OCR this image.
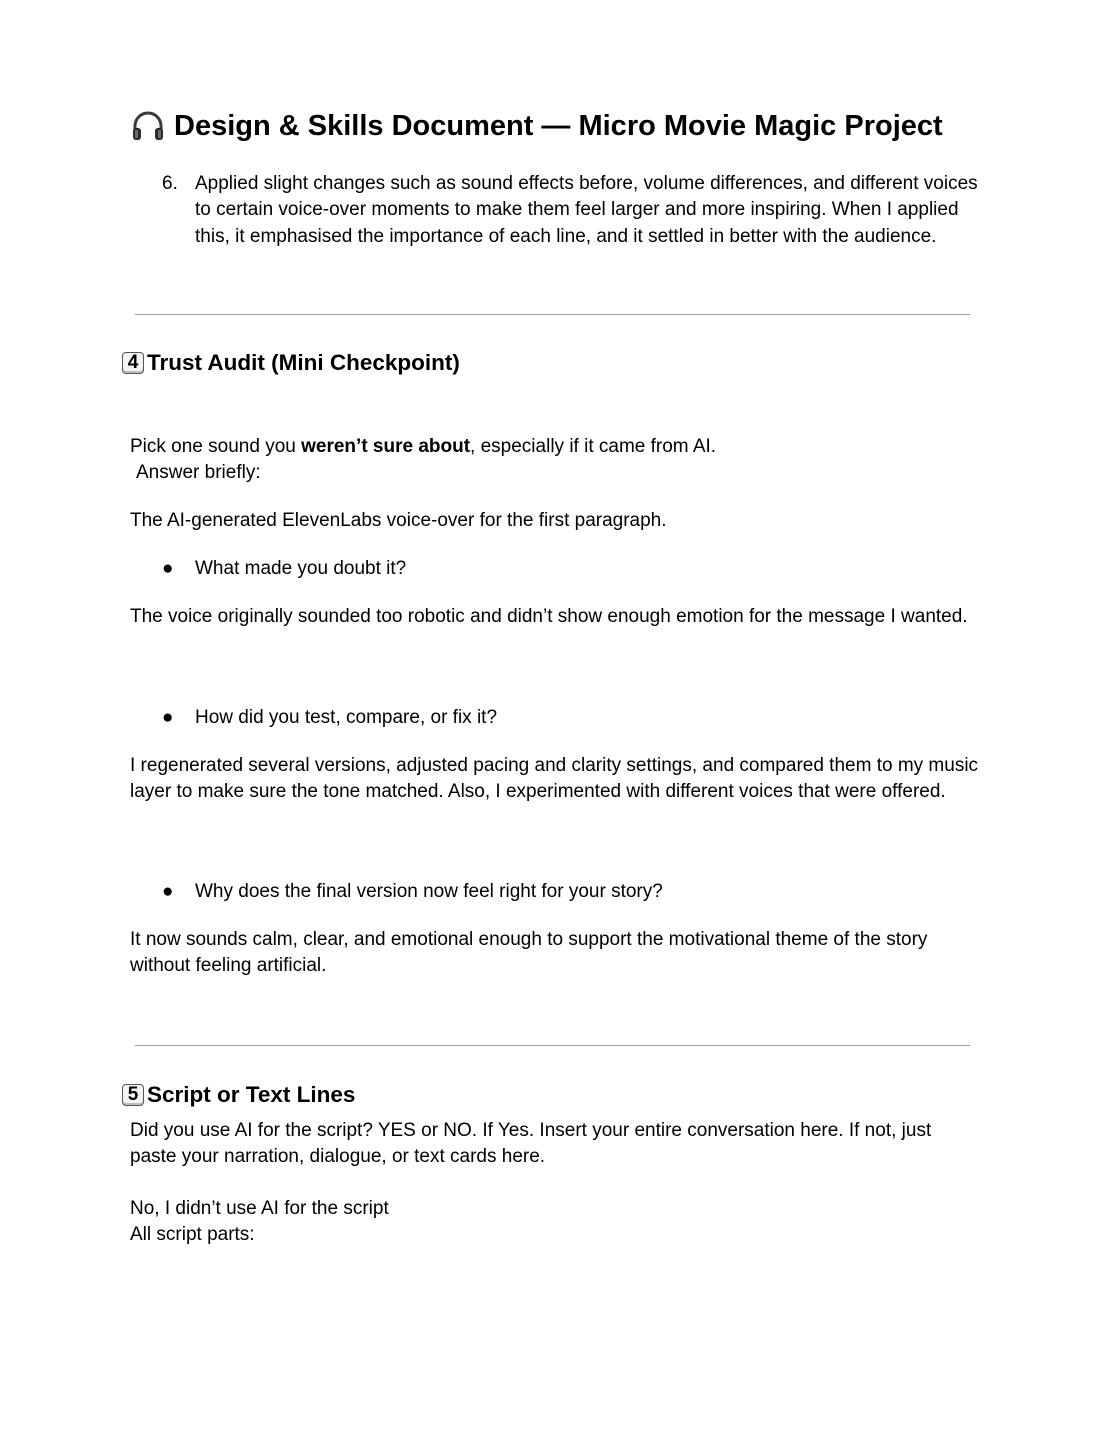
Design & Skills Document — Micro Movie Magic Project
6. Applied slight changes such as sound effects before, volume differences, and different voices to certain voice-over moments to make them feel larger and more inspiring. When I applied this, it emphasised the importance of each line, and it settled in better with the audience.
4 Trust Audit (Mini Checkpoint)
Pick one sound you weren’t sure about, especially if it came from AI.
Answer briefly:
The AI-generated ElevenLabs voice-over for the first paragraph.
●	What made you doubt it?
The voice originally sounded too robotic and didn’t show enough emotion for the message I wanted.
●	How did you test, compare, or fix it?
I regenerated several versions, adjusted pacing and clarity settings, and compared them to my music layer to make sure the tone matched. Also, I experimented with different voices that were offered.
●	Why does the final version now feel right for your story?
It now sounds calm, clear, and emotional enough to support the motivational theme of the story without feeling artificial.
5 Script or Text Lines
Did you use AI for the script? YES or NO. If Yes. Insert your entire conversation here. If not, just paste your narration, dialogue, or text cards here.
No, I didn’t use AI for the script
All script parts:
